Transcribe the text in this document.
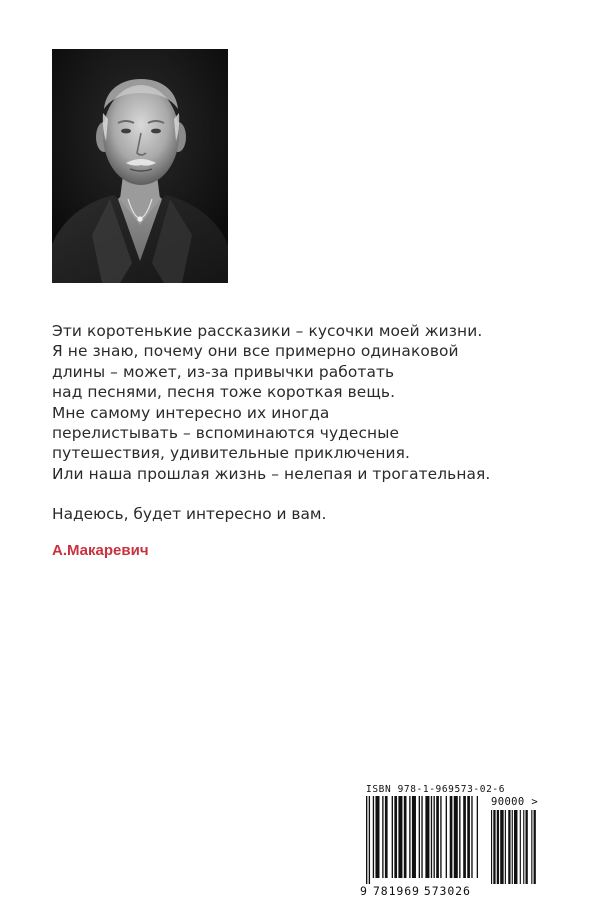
Эти коротенькие рассказики – кусочки моей жизни.
Я не знаю, почему они все примерно одинаковой
длины – может, из-за привычки работать
над песнями, песня тоже короткая вещь.
Мне самому интересно их иногда
перелистывать – вспоминаются чудесные
путешествия, удивительные приключения.
Или наша прошлая жизнь – нелепая и трогательная.
Надеюсь, будет интересно и вам.
А.Макаревич
ISBN 978-1-969573-02-6
90000 >
9 781969 573026
